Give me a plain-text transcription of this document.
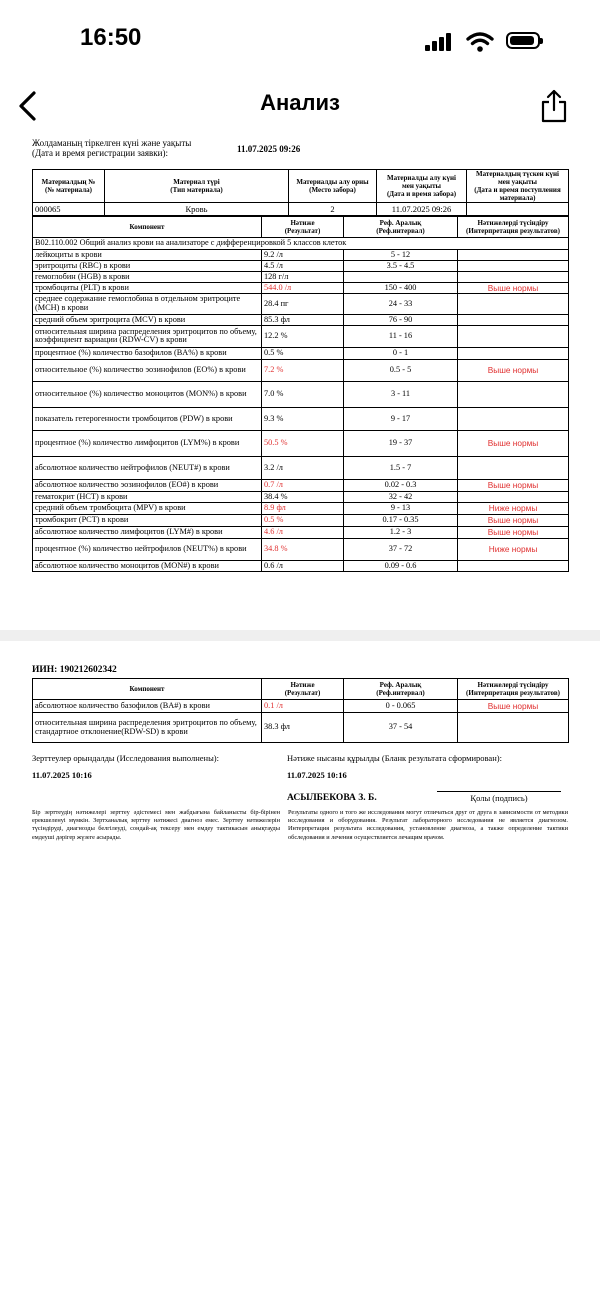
16:50
Анализ
Жолдаманың тіркелген күні және уақыты
(Дата и время регистрации заявки):	11.07.2025 09:26
Материалдың №
(№ материала)	Материал түрі
(Тип материала)	Материалды алу орны
(Место забора)	Материалды алу күні
мен уақыты
(Дата и время забора)	Материалдың түскен күні
мен уақыты
(Дата и время поступления
материала)
000065	Кровь	2	11.07.2025 09:26	
Компонент	Нәтиже
(Результат)	Реф. Аралық
(Реф.интервал)	Нәтижелерді түсіндіру
(Интерпретация результатов)
B02.110.002 Общий анализ крови на анализаторе с дифференцировкой 5 классов клеток			
лейкоциты в крови	9.2 /л	5 - 12	
эритроциты (RBC) в крови	4.5 /л	3.5 - 4.5	
гемоглобин (HGB) в крови	128 г/л		
тромбоциты (PLT) в крови	544.0 /л	150 - 400	Выше нормы
среднее содержание гемоглобина в отдельном эритроците (MCH) в крови	28.4 пг	24 - 33	
средний объем эритроцита (MCV) в крови	85.3 фл	76 - 90	
относительная ширина распределения эритроцитов по объему, коэффициент вариации (RDW-CV) в крови	12.2 %	11 - 16	
процентное (%) количество базофилов (BA%) в крови	0.5 %	0 - 1	
относительное (%) количество эозинофилов (EO%) в крови	7.2 %	0.5 - 5	Выше нормы
относительное (%) количество моноцитов (MON%) в крови	7.0 %	3 - 11	
показатель гетерогенности тромбоцитов (PDW) в крови	9.3 %	9 - 17	
процентное (%) количество лимфоцитов (LYM%) в крови	50.5 %	19 - 37	Выше нормы
абсолютное количество нейтрофилов (NEUT#) в крови	3.2 /л	1.5 - 7	
абсолютное количество эозинофилов (EO#) в крови	0.7 /л	0.02 - 0.3	Выше нормы
гематокрит (HCT) в крови	38.4 %	32 - 42	
средний объем тромбоцита (MPV) в крови	8.9 фл	9 - 13	Ниже нормы
тромбокрит (PCT) в крови	0.5 %	0.17 - 0.35	Выше нормы
абсолютное количество лимфоцитов (LYM#) в крови	4.6 /л	1.2 - 3	Выше нормы
процентное (%) количество нейтрофилов (NEUT%) в крови	34.8 %	37 - 72	Ниже нормы
абсолютное количество моноцитов (MON#) в крови	0.6 /л	0.09 - 0.6	
ИИН: 190212602342
Компонент	Нәтиже
(Результат)	Реф. Аралық
(Реф.интервал)	Нәтижелерді түсіндіру
(Интерпретация результатов)
абсолютное количество базофилов (BA#) в крови	0.1 /л	0 - 0.065	Выше нормы
относительная ширина распределения эритроцитов по объему, стандартное отклонение(RDW-SD) в крови	38.3 фл	37 - 54	
Зерттеулер орындалды (Исследования выполнены):
11.07.2025 10:16
Нәтиже нысаны құрылды (Бланк результата сформирован):
11.07.2025 10:16
АСЫЛБЕКОВА З. Б.	Қолы (подпись)
Бір зерттеудің нәтижелері зерттеу әдістемесі мен жабдығына байланысты бір-бірінен ерекшеленуі мүмкін. Зертханалық зерттеу нәтижесі диагноз емес. Зерттеу нәтижелерін түсіндіруді, диагнозды белгілеуді, сондай-ақ тексеру мен емдеу тактикасын анықтауды емдеуші дәрігер жүзеге асырады.
Результаты одного и того же исследования могут отличаться друг от друга в зависимости от методики исследования и оборудования. Результат лабораторного исследования не является диагнозом. Интерпретация результата исследования, установление диагноза, а также определение тактики обследования и лечения осуществляется лечащим врачом.
